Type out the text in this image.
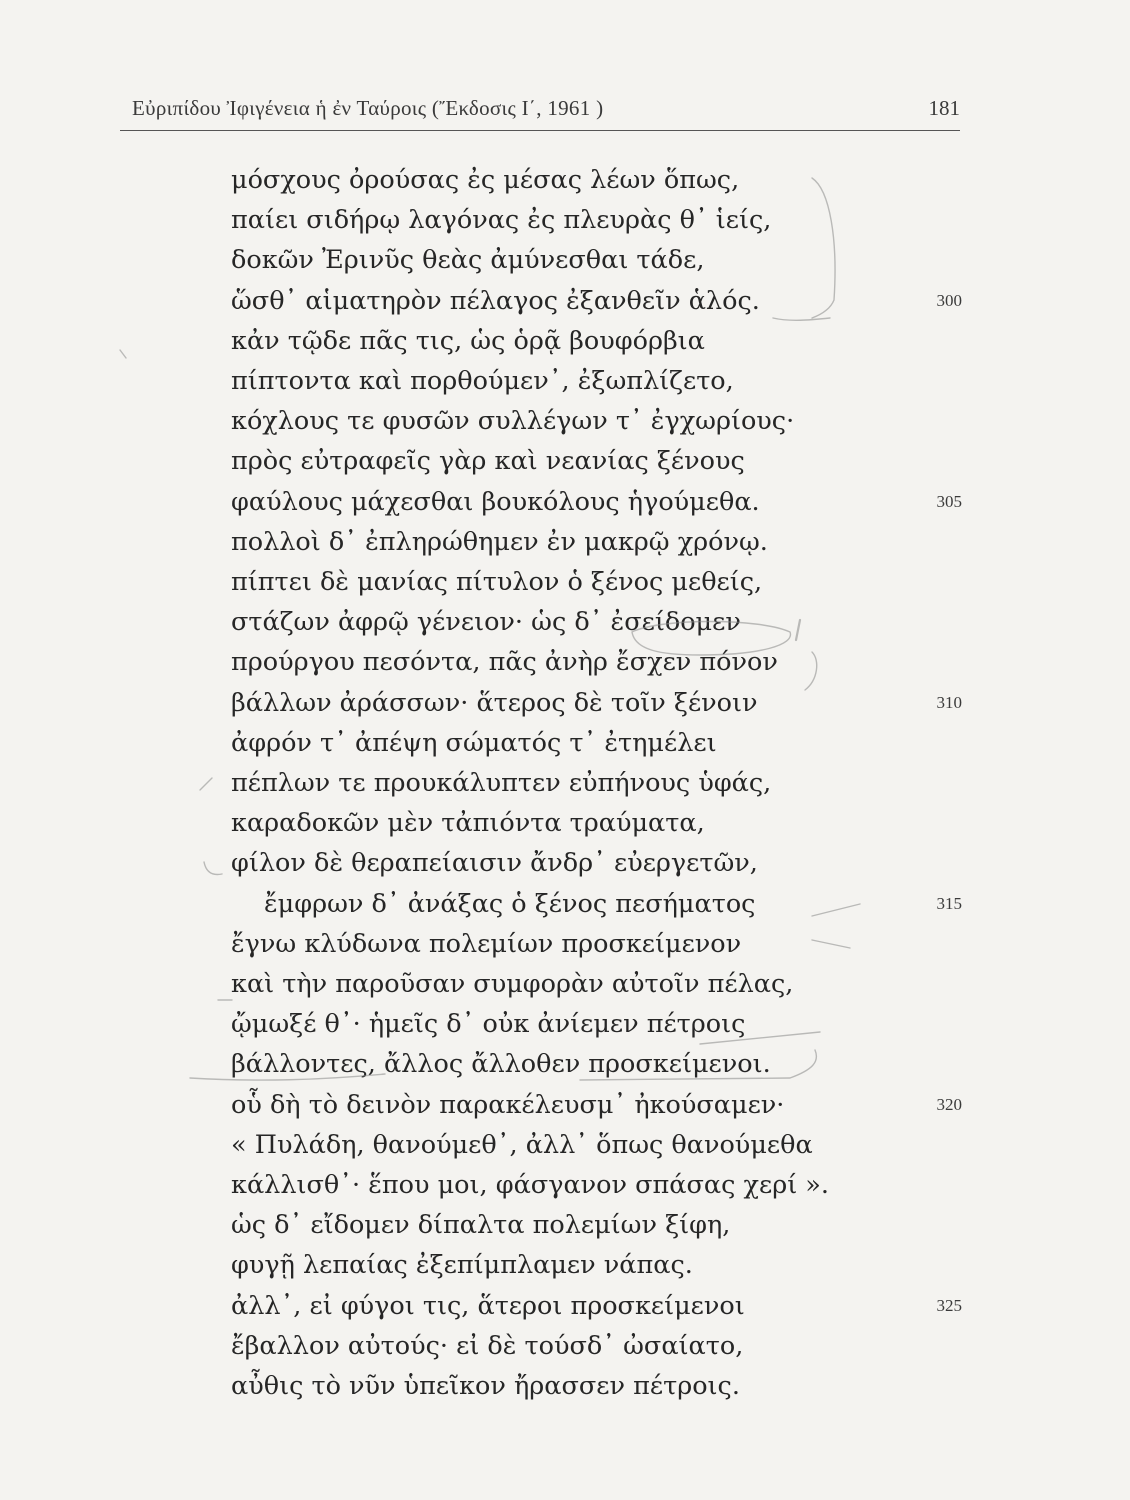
Εὐριπίδου Ἰφιγένεια ἡ ἐν Ταύροις (Ἔκδοσις Ι΄, 1961 )	181
μόσχους ὀρούσας ἐς μέσας λέων ὅπως,
παίει σιδήρῳ λαγόνας ἐς πλευρὰς θ᾽ ἱείς,
δοκῶν Ἐρινῦς θεὰς ἀμύνεσθαι τάδε,
ὥσθ᾽ αἱματηρὸν πέλαγος ἐξανθεῖν ἁλός.	300
κἀν τῷδε πᾶς τις, ὡς ὁρᾷ βουφόρβια
πίπτοντα καὶ πορθούμεν᾽, ἐξωπλίζετο,
κόχλους τε φυσῶν συλλέγων τ᾽ ἐγχωρίους·
πρὸς εὐτραφεῖς γὰρ καὶ νεανίας ξένους
φαύλους μάχεσθαι βουκόλους ἡγούμεθα.	305
πολλοὶ δ᾽ ἐπληρώθημεν ἐν μακρῷ χρόνῳ.
πίπτει δὲ μανίας πίτυλον ὁ ξένος μεθείς,
στάζων ἀφρῷ γένειον· ὡς δ᾽ ἐσείδομεν
προύργου πεσόντα, πᾶς ἀνὴρ ἔσχεν πόνον
βάλλων ἀράσσων· ἅτερος δὲ τοῖν ξένοιν	310
ἀφρόν τ᾽ ἀπέψη σώματός τ᾽ ἐτημέλει
πέπλων τε προυκάλυπτεν εὐπήνους ὑφάς,
καραδοκῶν μὲν τἀπιόντα τραύματα,
φίλον δὲ θεραπείαισιν ἄνδρ᾽ εὐεργετῶν,
ἔμφρων δ᾽ ἀνάξας ὁ ξένος πεσήματος	315
ἔγνω κλύδωνα πολεμίων προσκείμενον
καὶ τὴν παροῦσαν συμφορὰν αὐτοῖν πέλας,
ᾤμωξέ θ᾽· ἡμεῖς δ᾽ οὐκ ἀνίεμεν πέτροις
βάλλοντες, ἄλλος ἄλλοθεν προσκείμενοι.
οὗ δὴ τὸ δεινὸν παρακέλευσμ᾽ ἠκούσαμεν·	320
« Πυλάδη, θανούμεθ᾽, ἀλλ᾽ ὅπως θανούμεθα
κάλλισθ᾽· ἕπου μοι, φάσγανον σπάσας χερί ».
ὡς δ᾽ εἴδομεν δίπαλτα πολεμίων ξίφη,
φυγῇ λεπαίας ἐξεπίμπλαμεν νάπας.
ἀλλ᾽, εἰ φύγοι τις, ἅτεροι προσκείμενοι	325
ἔβαλλον αὐτούς· εἰ δὲ τούσδ᾽ ὠσαίατο,
αὖθις τὸ νῦν ὑπεῖκον ἤρασσεν πέτροις.
